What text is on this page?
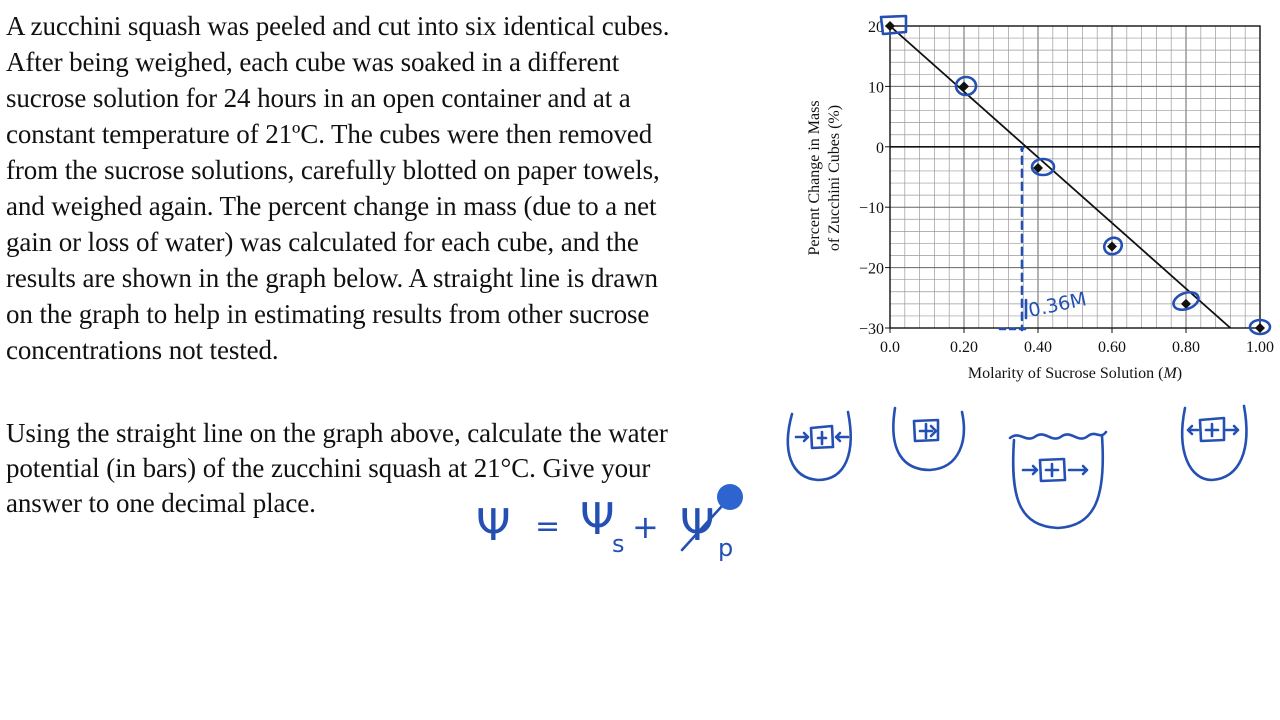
A zucchini squash was peeled and cut into six identical cubes.
After being weighed, each cube was soaked in a different
sucrose solution for 24 hours in an open container and at a
constant temperature of 21ºC. The cubes were then removed
from the sucrose solutions, carefully blotted on paper towels,
and weighed again. The percent change in mass (due to a net
gain or loss of water) was calculated for each cube, and the
results are shown in the graph below. A straight line is drawn
on the graph to help in estimating results from other sucrose
concentrations not tested.
Using the straight line on the graph above, calculate the water
potential (in bars) of the zucchini squash at 21°C. Give your
answer to one decimal place.
0.0	0.20	0.40	0.60	0.80	1.00
20
10
0
−10
−20
−30
Percent Change in Mass of Zucchini Cubes (%)
Molarity of Sucrose Solution (M)
0.36M
Ψ = Ψ
s + Ψ p
